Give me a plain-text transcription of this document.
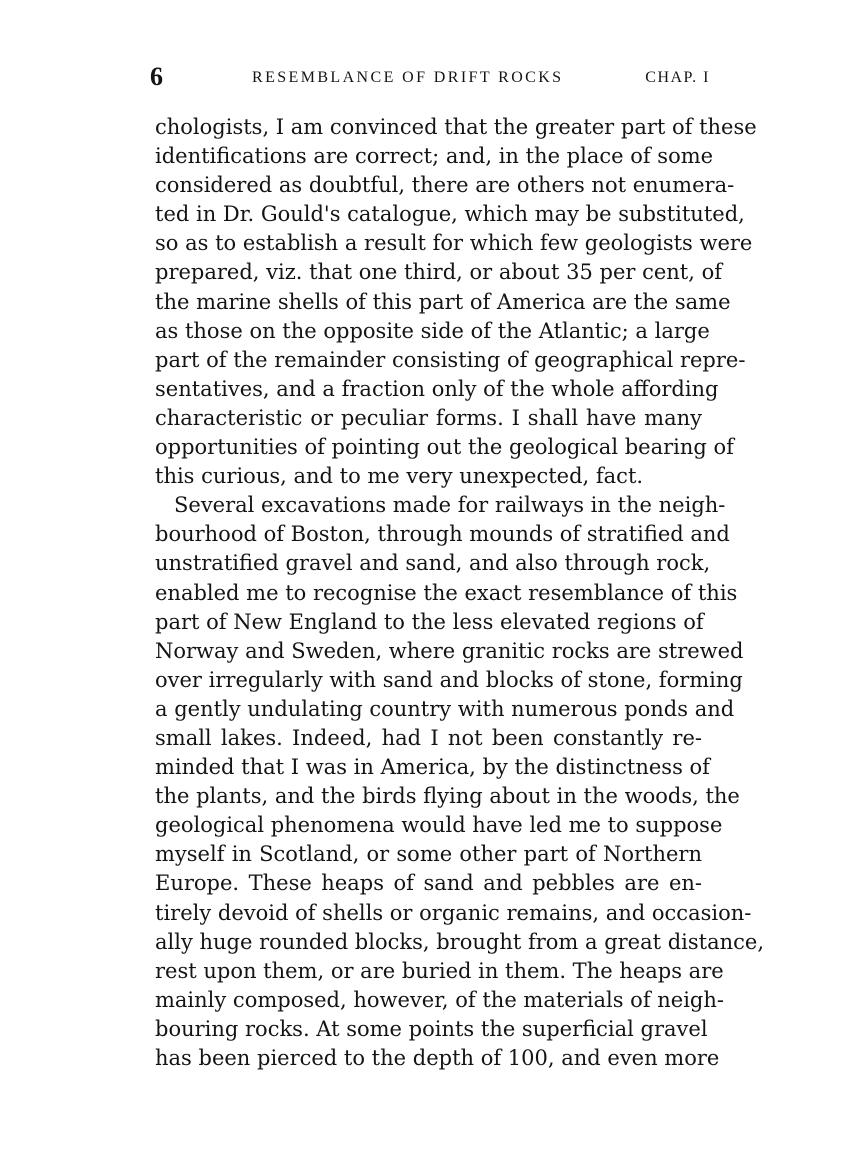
6	RESEMBLANCE OF DRIFT ROCKS	CHAP. I
chologists, I am convinced that the greater part of these
identifications are correct; and, in the place of some
considered as doubtful, there are others not enumera-
ted in Dr. Gould's catalogue, which may be substituted,
so as to establish a result for which few geologists were
prepared, viz. that one third, or about 35 per cent, of
the marine shells of this part of America are the same
as those on the opposite side of the Atlantic; a large
part of the remainder consisting of geographical repre-
sentatives, and a fraction only of the whole affording
characteristic or peculiar forms. I shall have many
opportunities of pointing out the geological bearing of
this curious, and to me very unexpected, fact.
Several excavations made for railways in the neigh-
bourhood of Boston, through mounds of stratified and
unstratified gravel and sand, and also through rock,
enabled me to recognise the exact resemblance of this
part of New England to the less elevated regions of
Norway and Sweden, where granitic rocks are strewed
over irregularly with sand and blocks of stone, forming
a gently undulating country with numerous ponds and
small lakes. Indeed, had I not been constantly re-
minded that I was in America, by the distinctness of
the plants, and the birds flying about in the woods, the
geological phenomena would have led me to suppose
myself in Scotland, or some other part of Northern
Europe. These heaps of sand and pebbles are en-
tirely devoid of shells or organic remains, and occasion-
ally huge rounded blocks, brought from a great distance,
rest upon them, or are buried in them. The heaps are
mainly composed, however, of the materials of neigh-
bouring rocks. At some points the superficial gravel
has been pierced to the depth of 100, and even more
